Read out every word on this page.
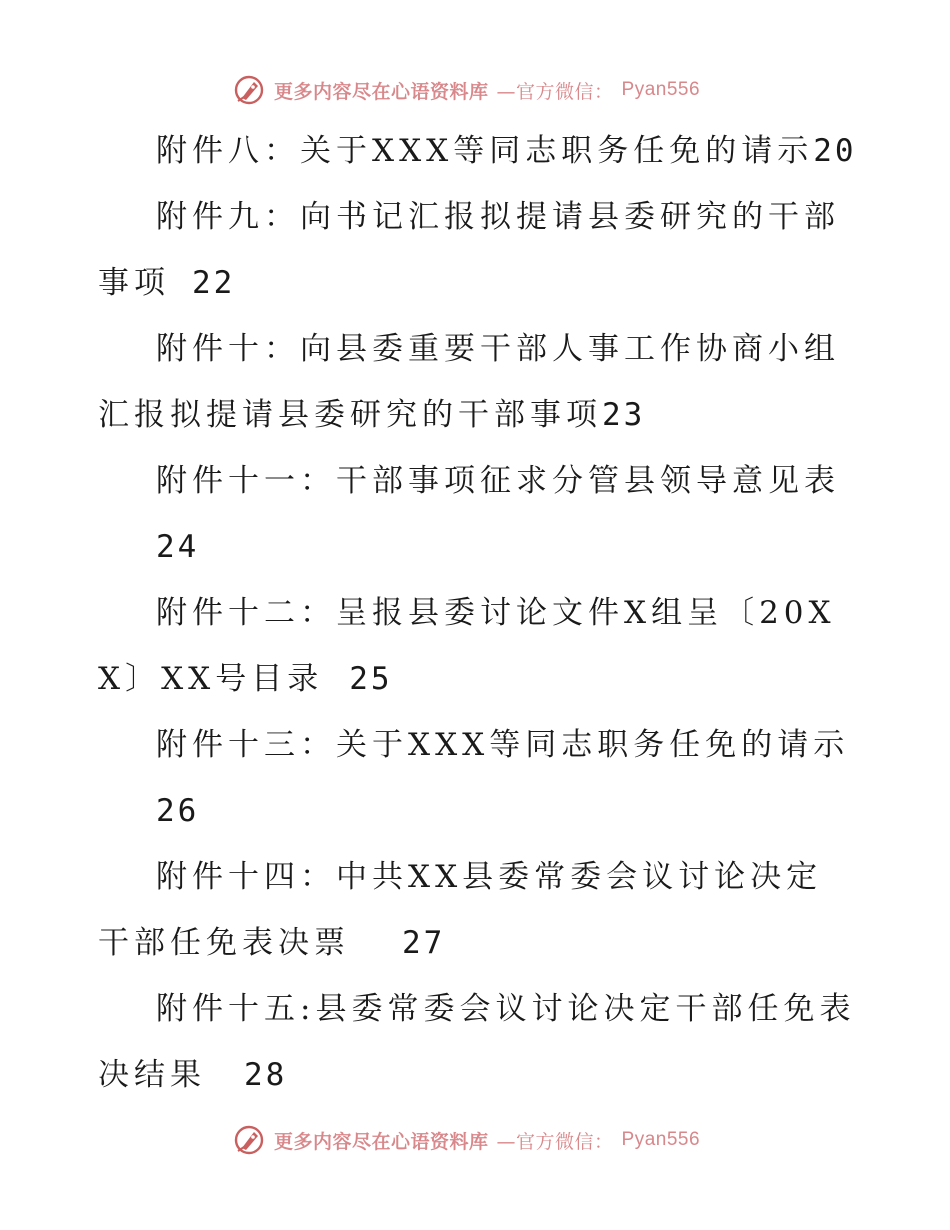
更多内容尽在心语资料库 —官方微信： Pyan556
附件八：关于XXX等同志职务任免的请示20
附件九：向书记汇报拟提请县委研究的干部事项 22
附件十：向县委重要干部人事工作协商小组汇报拟提请县委研究的干部事项23
附件十一：干部事项征求分管县领导意见表
24
附件十二：呈报县委讨论文件X组呈〔20XX〕XX号目录 25
附件十三：关于XXX等同志职务任免的请示
26
附件十四：中共XX县委常委会议讨论决定干部任免表决票 27
附件十五:县委常委会议讨论决定干部任免表决结果 28
更多内容尽在心语资料库 —官方微信： Pyan556
